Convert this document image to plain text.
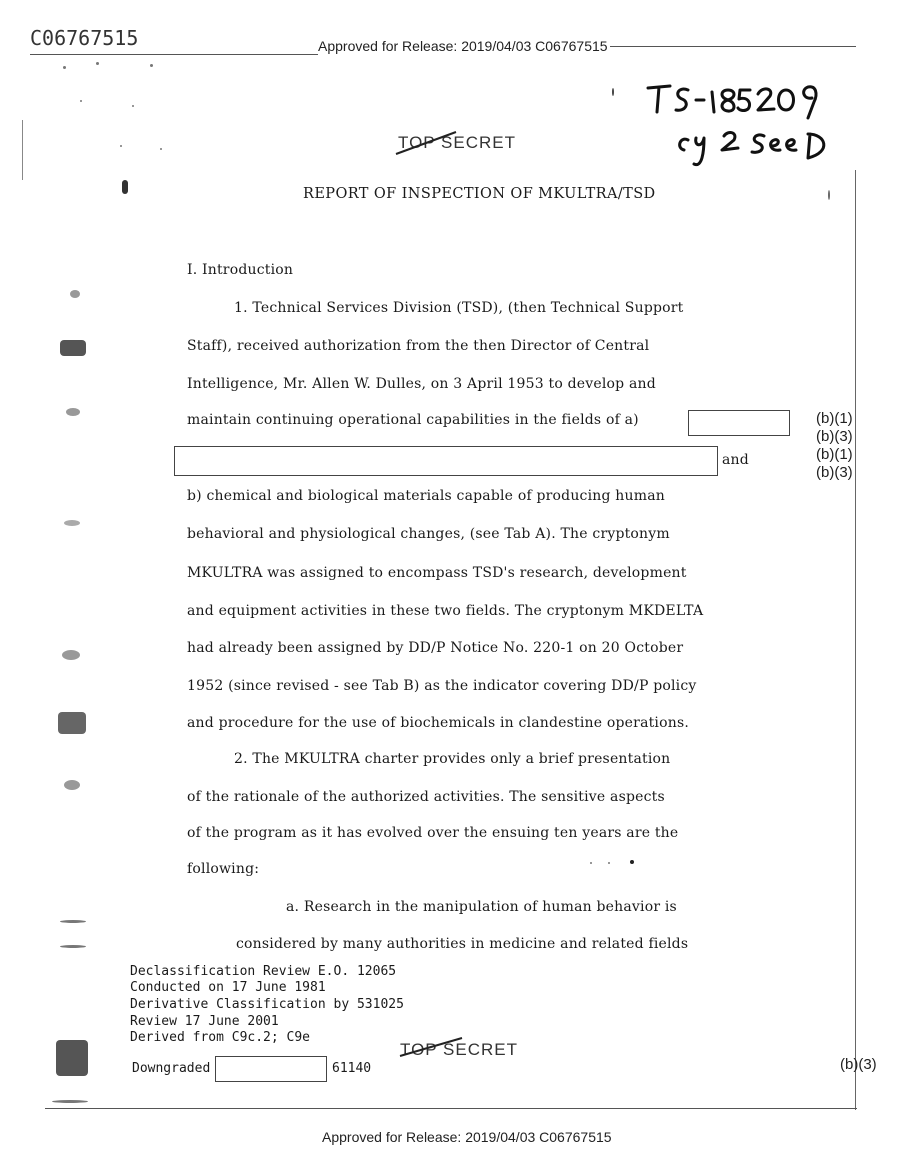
C06767515	Approved for Release: 2019/04/03 C06767515
TOP SECRET
REPORT OF INSPECTION OF MKULTRA/TSD
I. Introduction
1. Technical Services Division (TSD), (then Technical Support
Staff), received authorization from the then Director of Central
Intelligence, Mr. Allen W. Dulles, on 3 April 1953 to develop and
maintain continuing operational capabilities in the fields of a)
and
(b)(1)
(b)(3)
(b)(1)
(b)(3)
b) chemical and biological materials capable of producing human
behavioral and physiological changes, (see Tab A). The cryptonym
MKULTRA was assigned to encompass TSD's research, development
and equipment activities in these two fields. The cryptonym MKDELTA
had already been assigned by DD/P Notice No. 220-1 on 20 October
1952 (since revised - see Tab B) as the indicator covering DD/P policy
and procedure for the use of biochemicals in clandestine operations.
2. The MKULTRA charter provides only a brief presentation
of the rationale of the authorized activities. The sensitive aspects
of the program as it has evolved over the ensuing ten years are the
following:
a. Research in the manipulation of human behavior is
considered by many authorities in medicine and related fields
Declassification Review E.O. 12065
Conducted on 17 June 1981
Derivative Classification by 531025
Review 17 June 2001
Derived from C9c.2; C9e
Downgraded	61140
TOP SECRET
(b)(3)
Approved for Release: 2019/04/03 C06767515
